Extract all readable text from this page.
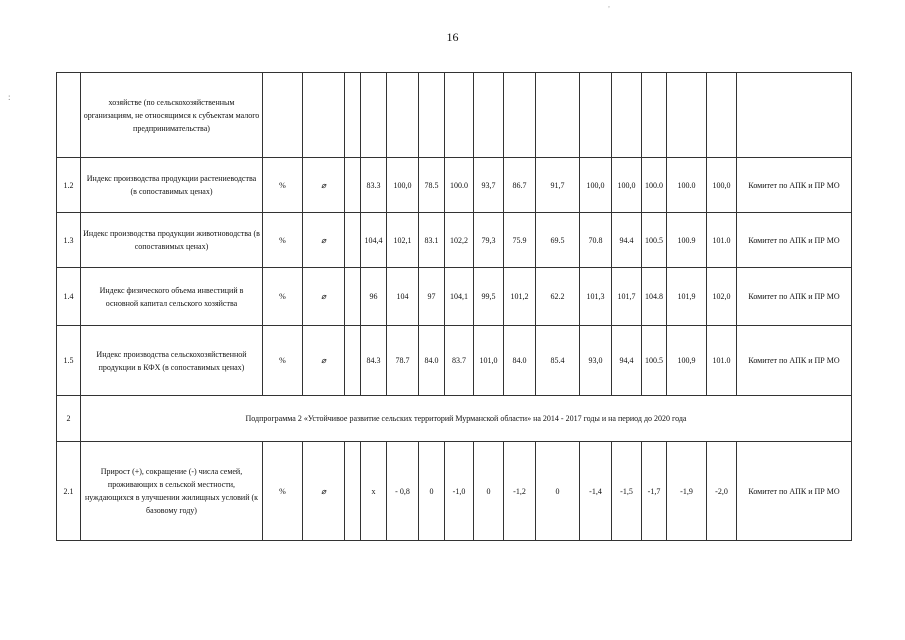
16
,
:
		хозяйстве (по сельскохозяйственным организациям, не относящимся к субъектам малого предпринимательства)																
1.2	Индекс производства продукции растениеводства (в сопоставимых ценах)	%	⌀		83.3	100,0	78.5	100.0	93,7	86.7	91,7	100,0	100,0	100.0	100.0	100,0	Комитет по АПК и ПР МО
1.3	Индекс производства продукции животноводства (в сопоставимых ценах)	%	⌀		104,4	102,1	83.1	102,2	79,3	75.9	69.5	70.8	94.4	100.5	100.9	101.0	Комитет по АПК и ПР МО
1.4	Индекс физического объема инвестиций в основной капитал сельского хозяйства	%	⌀		96	104	97	104,1	99,5	101,2	62.2	101,3	101,7	104.8	101,9	102,0	Комитет по АПК и ПР МО
1.5	Индекс производства сельскохозяйственной продукции в КФХ (в сопоставимых ценах)	%	⌀		84.3	78.7	84.0	83.7	101,0	84.0	85.4	93,0	94,4	100.5	100,9	101.0	Комитет по АПК и ПР МО
2	Подпрограмма 2 «Устойчивое развитие сельских территорий Мурманской области» на 2014 - 2017 годы и на период до 2020 года																
2.1	Прирост (+), сокращение (-) числа семей, проживающих в сельской местности, нуждающихся в улучшении жилищных условий (к базовому году)	%	⌀		х	- 0,8	0	-1,0	0	-1,2	0	-1,4	-1,5	-1,7	-1,9	-2,0	Комитет по АПК и ПР МО
